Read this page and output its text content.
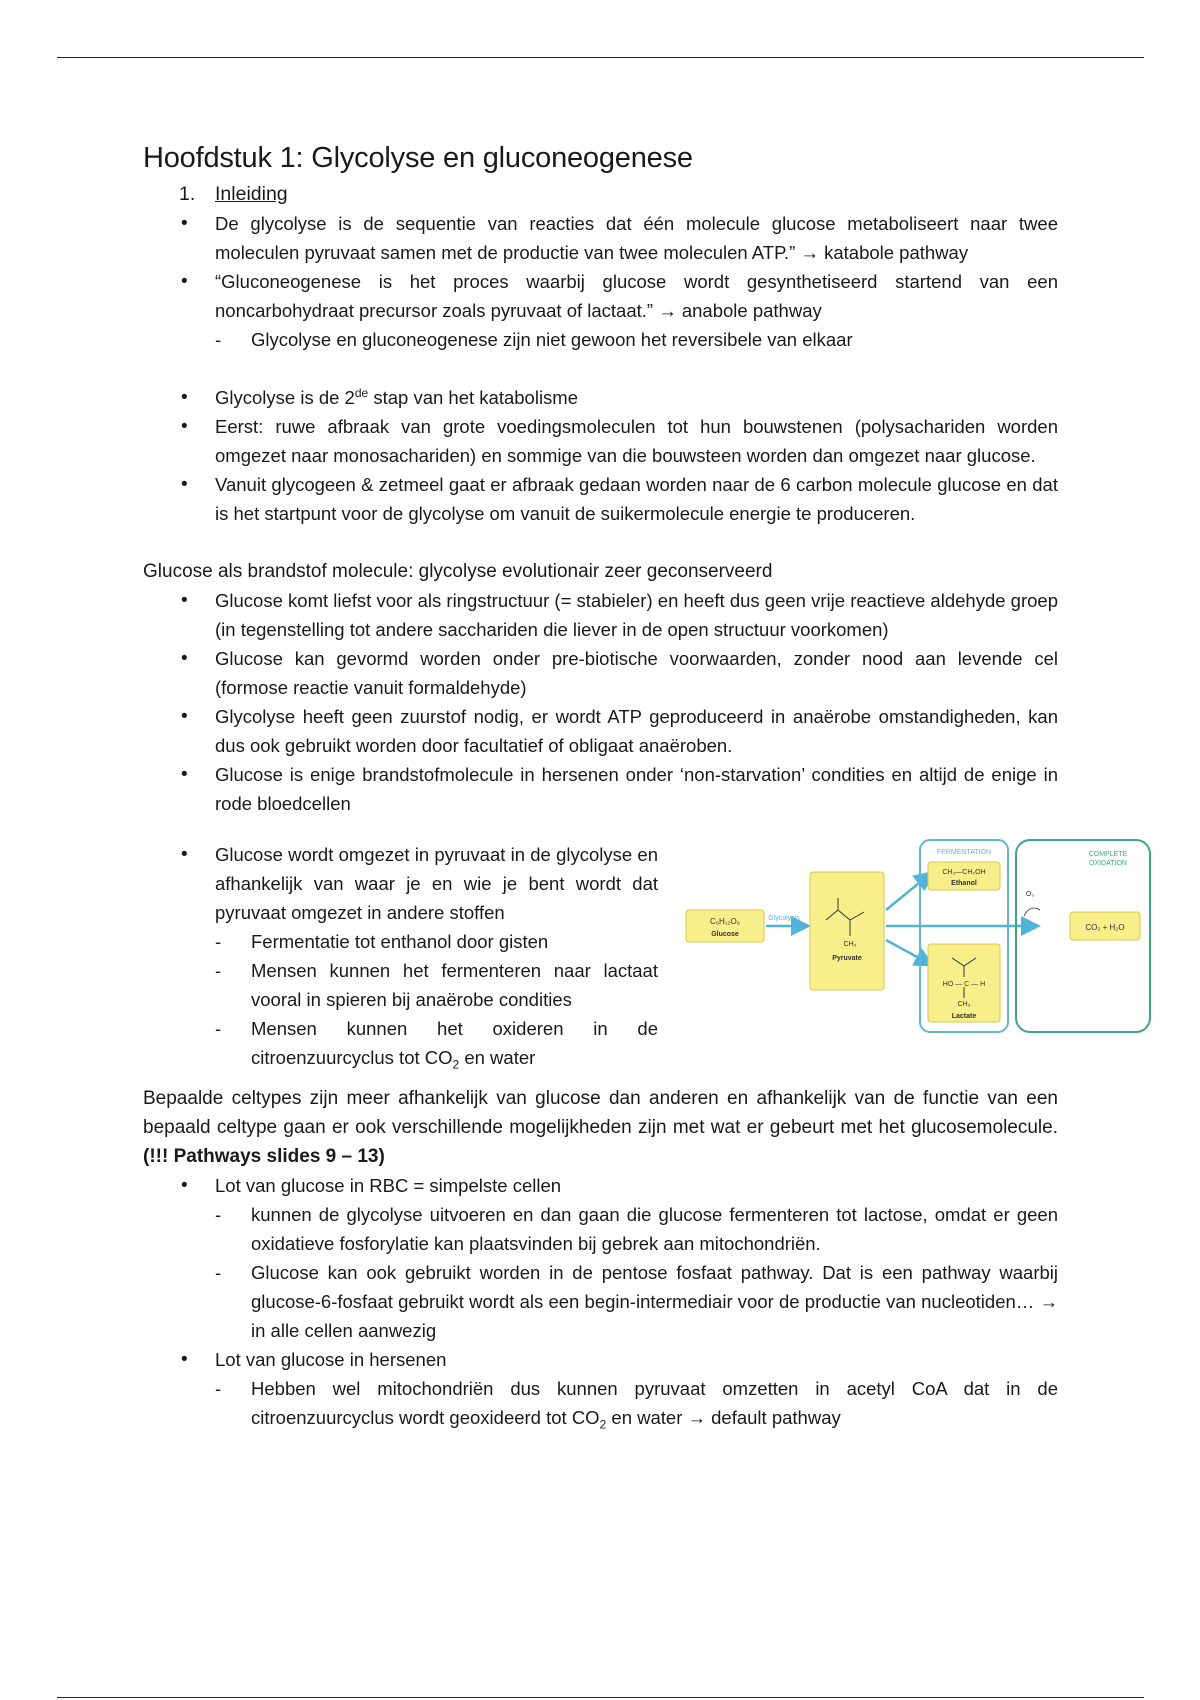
Hoofdstuk 1: Glycolyse en gluconeogenese
1. Inleiding
• De glycolyse is de sequentie van reacties dat één molecule glucose metaboliseert naar twee moleculen pyruvaat samen met de productie van twee moleculen ATP.” → katabole pathway
• “Gluconeogenese is het proces waarbij glucose wordt gesynthetiseerd startend van een noncarbohydraat precursor zoals pyruvaat of lactaat.” → anabole pathway
- Glycolyse en gluconeogenese zijn niet gewoon het reversibele van elkaar
• Glycolyse is de 2de stap van het katabolisme
• Eerst: ruwe afbraak van grote voedingsmoleculen tot hun bouwstenen (polysachariden worden omgezet naar monosachariden) en sommige van die bouwsteen worden dan omgezet naar glucose.
• Vanuit glycogeen & zetmeel gaat er afbraak gedaan worden naar de 6 carbon molecule glucose en dat is het startpunt voor de glycolyse om vanuit de suikermolecule energie te produceren.

Glucose als brandstof molecule: glycolyse evolutionair zeer geconserveerd

• Glucose komt liefst voor als ringstructuur (= stabieler) en heeft dus geen vrije reactieve aldehyde groep (in tegenstelling tot andere sacchariden die liever in de open structuur voorkomen)
• Glucose kan gevormd worden onder pre-biotische voorwaarden, zonder nood aan levende cel (formose reactie vanuit formaldehyde)
• Glycolyse heeft geen zuurstof nodig, er wordt ATP geproduceerd in anaërobe omstandigheden, kan dus ook gebruikt worden door facultatief of obligaat anaëroben.
• Glucose is enige brandstofmolecule in hersenen onder ‘non-starvation’ condities en altijd de enige in rode bloedcellen
• Glucose wordt omgezet in pyruvaat in de glycolyse en afhankelijk van waar je en wie je bent wordt dat pyruvaat omgezet in andere stoffen
- Fermentatie tot enthanol door gisten
- Mensen kunnen het fermenteren naar lactaat vooral in spieren bij anaërobe condities
- Mensen kunnen het oxideren in de citroenzuurcyclus tot $CO_2$ en water
C₆H₁₂O₆
Glucose
Glycolysis
CH₃
Pyruvate
FERMENTATION
CH₃—CH₂OH
Ethanol
HO — C — H
CH₃
Lactate
COMPLETE
OXIDATION
O₂
CO₂ + H₂O

Bepaalde celtypes zijn meer afhankelijk van glucose dan anderen en afhankelijk van de functie van een bepaald celtype gaan er ook verschillende mogelijkheden zijn met wat er gebeurt met het glucosemolecule. (!!! Pathways slides 9 – 13)

• Lot van glucose in RBC = simpelste cellen
- kunnen de glycolyse uitvoeren en dan gaan die glucose fermenteren tot lactose, omdat er geen oxidatieve fosforylatie kan plaatsvinden bij gebrek aan mitochondriën.
- Glucose kan ook gebruikt worden in de pentose fosfaat pathway. Dat is een pathway waarbij glucose-6-fosfaat gebruikt wordt als een begin-intermediair voor de productie van nucleotiden… → in alle cellen aanwezig
• Lot van glucose in hersenen
- Hebben wel mitochondriën dus kunnen pyruvaat omzetten in acetyl CoA dat in de citroenzuurcyclus wordt geoxideerd tot $CO_2$ en water → default pathway
